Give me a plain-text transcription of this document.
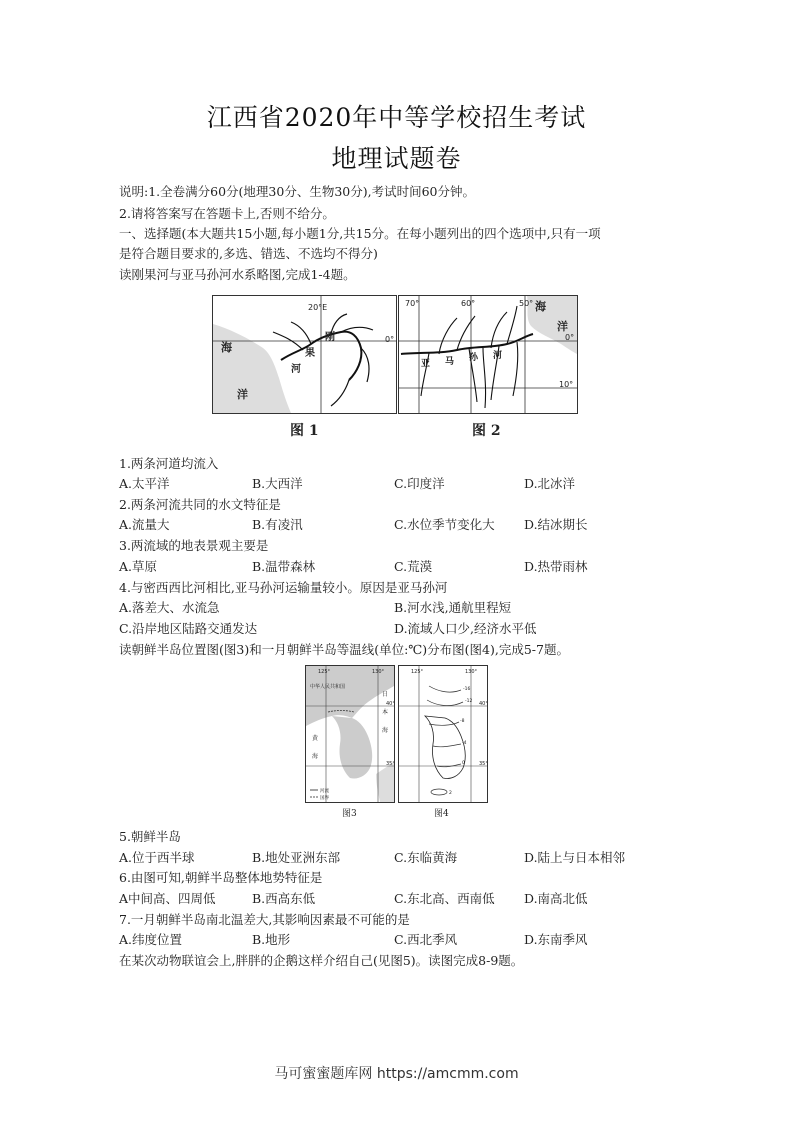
江西省2020年中等学校招生考试
地理试题卷
说明:1.全卷满分60分(地理30分、生物30分),考试时间60分钟。
2.请将答案写在答题卡上,否则不给分。
一、选择题(本大题共15小题,每小题1分,共15分。在每小题列出的四个选项中,只有一项
是符合题目要求的,多选、错选、不选均不得分)
读刚果河与亚马孙河水系略图,完成1-4题。
20°E
0°
海
洋
刚
果
河
图 1
70°	60°	50°
0°
10°
海
洋
亚 马 孙 河
图 2
1.两条河道均流入
A.太平洋	B.大西洋	C.印度洋	D.北冰洋
2.两条河流共同的水文特征是
A.流量大	B.有凌汛	C.水位季节变化大 D.结冰期长
3.两流域的地表景观主要是
A.草原	B.温带森林	C.荒漠	D.热带雨林
4.与密西西比河相比,亚马孙河运输量较小。原因是亚马孙河
A.落差大、水流急	B.河水浅,通航里程短
C.沿岸地区陆路交通发达	D.流域人口少,经济水平低
读朝鲜半岛位置图(图3)和一月朝鲜半岛等温线(单位:℃)分布图(图4),完成5-7题。
125°	130°
40°
35°
中华人民共和国
日
本
海
黄
海
河流
国界
图3
125°	130°
40°
35°
-16
-12
-8
-4
0
2
图4
5.朝鲜半岛
A.位于西半球	B.地处亚洲东部	C.东临黄海	D.陆上与日本相邻
6.由图可知,朝鲜半岛整体地势特征是
A中间高、四周低	B.西高东低	C.东北高、西南低 D.南高北低
7.一月朝鲜半岛南北温差大,其影响因素最不可能的是
A.纬度位置	B.地形	C.西北季风	D.东南季风
在某次动物联谊会上,胖胖的企鹅这样介绍自己(见图5)。读图完成8-9题。
马可蜜蜜题库网 https://amcmm.com
